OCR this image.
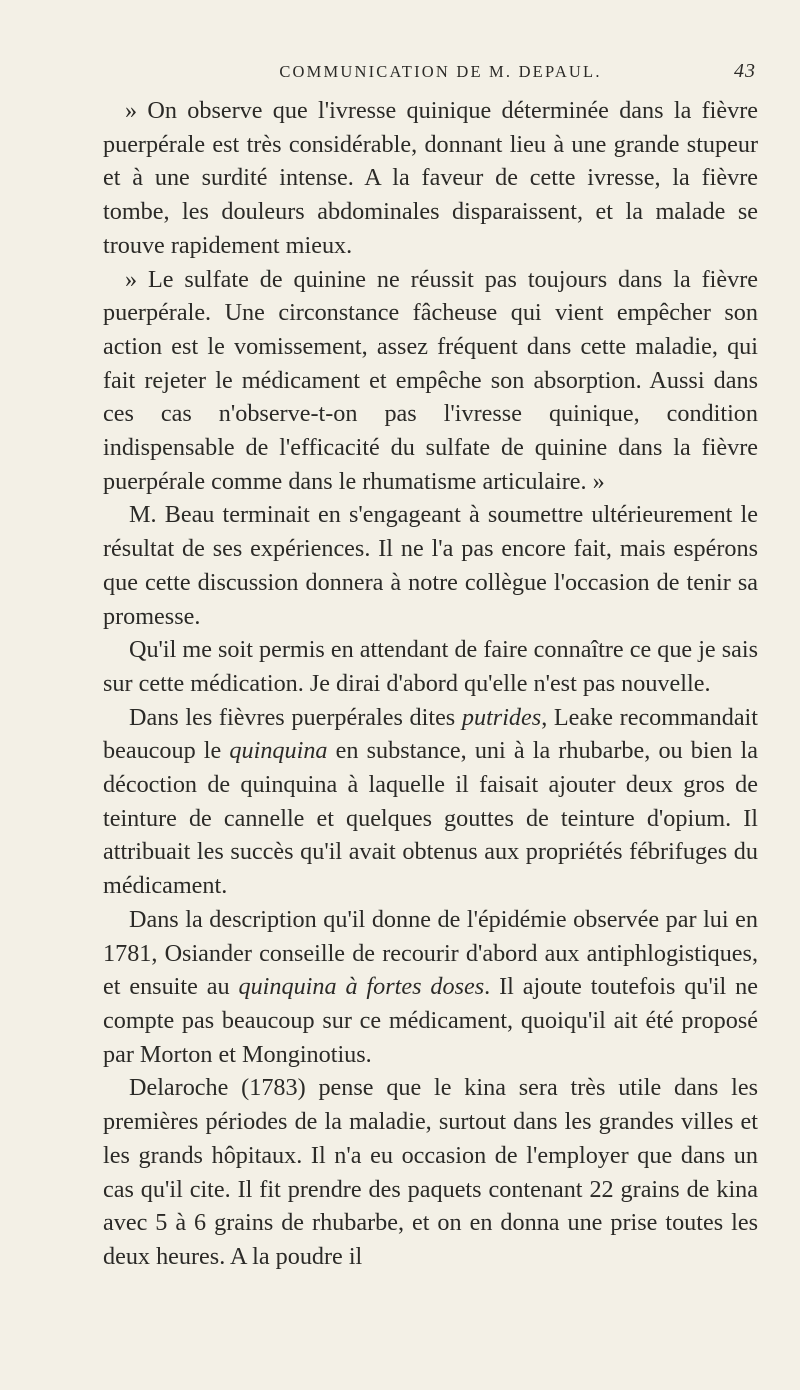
COMMUNICATION DE M. DEPAUL.	43

» On observe que l'ivresse quinique déterminée dans la fièvre puerpérale est très considérable, donnant lieu à une grande stupeur et à une surdité intense. A la faveur de cette ivresse, la fièvre tombe, les douleurs abdominales disparaissent, et la malade se trouve rapidement mieux.

» Le sulfate de quinine ne réussit pas toujours dans la fièvre puerpérale. Une circonstance fâcheuse qui vient empêcher son action est le vomissement, assez fréquent dans cette maladie, qui fait rejeter le médicament et empêche son absorption. Aussi dans ces cas n'observe-t-on pas l'ivresse quinique, condition indispensable de l'efficacité du sulfate de quinine dans la fièvre puerpérale comme dans le rhumatisme articulaire. »

M. Beau terminait en s'engageant à soumettre ultérieurement le résultat de ses expériences. Il ne l'a pas encore fait, mais espérons que cette discussion donnera à notre collègue l'occasion de tenir sa promesse.

Qu'il me soit permis en attendant de faire connaître ce que je sais sur cette médication. Je dirai d'abord qu'elle n'est pas nouvelle.

Dans les fièvres puerpérales dites putrides, Leake recommandait beaucoup le quinquina en substance, uni à la rhubarbe, ou bien la décoction de quinquina à laquelle il faisait ajouter deux gros de teinture de cannelle et quelques gouttes de teinture d'opium. Il attribuait les succès qu'il avait obtenus aux propriétés fébrifuges du médicament.

Dans la description qu'il donne de l'épidémie observée par lui en 1781, Osiander conseille de recourir d'abord aux antiphlogistiques, et ensuite au quinquina à fortes doses. Il ajoute toutefois qu'il ne compte pas beaucoup sur ce médicament, quoiqu'il ait été proposé par Morton et Monginotius.

Delaroche (1783) pense que le kina sera très utile dans les premières périodes de la maladie, surtout dans les grandes villes et les grands hôpitaux. Il n'a eu occasion de l'employer que dans un cas qu'il cite. Il fit prendre des paquets contenant 22 grains de kina avec 5 à 6 grains de rhubarbe, et on en donna une prise toutes les deux heures. A la poudre il
